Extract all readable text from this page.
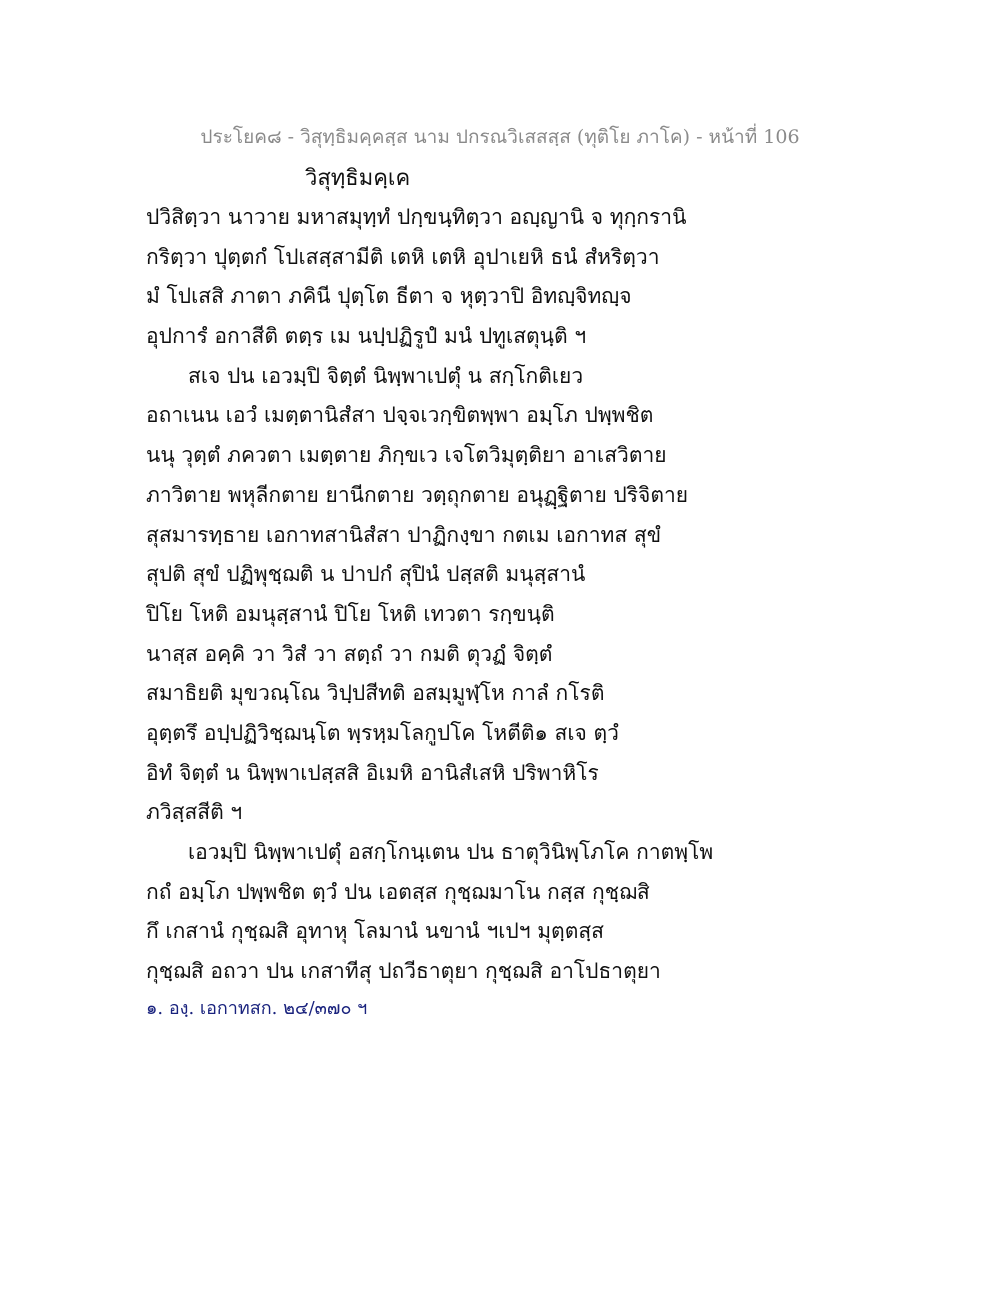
ประโยค๘ - วิสุทฺธิมคฺคสฺส นาม ปกรณวิเสสสฺส (ทุติโย ภาโค) - หน้าที่ 106
วิสุทฺธิมคฺเค
ปวิสิตฺวา นาวาย มหาสมุทฺทํ ปกฺขนฺทิตฺวา อญฺญานิ จ ทุกฺกรานิ
กริตฺวา ปุตฺตกํ โปเสสฺสามีติ เตหิ เตหิ อุปาเยหิ ธนํ สํหริตฺวา
มํ โปเสสิ ภาตา ภคินี ปุตฺโต ธีตา จ หุตฺวาปิ อิทญฺจิทญฺจ
อุปการํ อกาสีติ ตตฺร เม นปฺปฏิรูปํ มนํ ปทูเสตุนฺติ ฯ
สเจ ปน เอวมฺปิ จิตฺตํ นิพฺพาเปตุํ น สกฺโกติเยว
อถาเนน เอวํ เมตฺตานิสํสา ปจฺจเวกฺขิตพฺพา อมฺโภ ปพฺพชิต
นนุ วุตฺตํ ภควตา เมตฺตาย ภิกฺขเว เจโตวิมุตฺติยา อาเสวิตาย
ภาวิตาย พหุลีกตาย ยานีกตาย วตฺถุกตาย อนุฏฺฐิตาย ปริจิตาย
สุสมารทฺธาย เอกาทสานิสํสา ปาฏิกงฺขา กตเม เอกาทส สุขํ
สุปติ สุขํ ปฏิพุชฺฌติ น ปาปกํ สุปินํ ปสฺสติ มนุสฺสานํ
ปิโย โหติ อมนุสฺสานํ ปิโย โหติ เทวตา รกฺขนฺติ
นาสฺส อคฺคิ วา วิสํ วา สตฺถํ วา กมติ ตุวฏํ จิตฺตํ
สมาธิยติ มุขวณฺโณ วิปฺปสีทติ อสมฺมูฬฺโห กาลํ กโรติ
อุตฺตรึ อปฺปฏิวิชฺฌนฺโต พฺรหฺมโลกูปโค โหตีติ๑ สเจ ตฺวํ
อิทํ จิตฺตํ น นิพฺพาเปสฺสสิ อิเมหิ อานิสํเสหิ ปริพาหิโร
ภวิสฺสสีติ ฯ
เอวมฺปิ นิพฺพาเปตุํ อสกฺโกนฺเตน ปน ธาตุวินิพฺโภโค กาตพฺโพ
กถํ อมฺโภ ปพฺพชิต ตฺวํ ปน เอตสฺส กุชฺฌมาโน กสฺส กุชฺฌสิ
กึ เกสานํ กุชฺฌสิ อุทาหุ โลมานํ นขานํ ฯเปฯ มุตฺตสฺส
กุชฺฌสิ อถวา ปน เกสาทีสุ ปถวีธาตุยา กุชฺฌสิ อาโปธาตุยา
๑. องฺ. เอกาทสก. ๒๔/๓๗๐ ฯ
